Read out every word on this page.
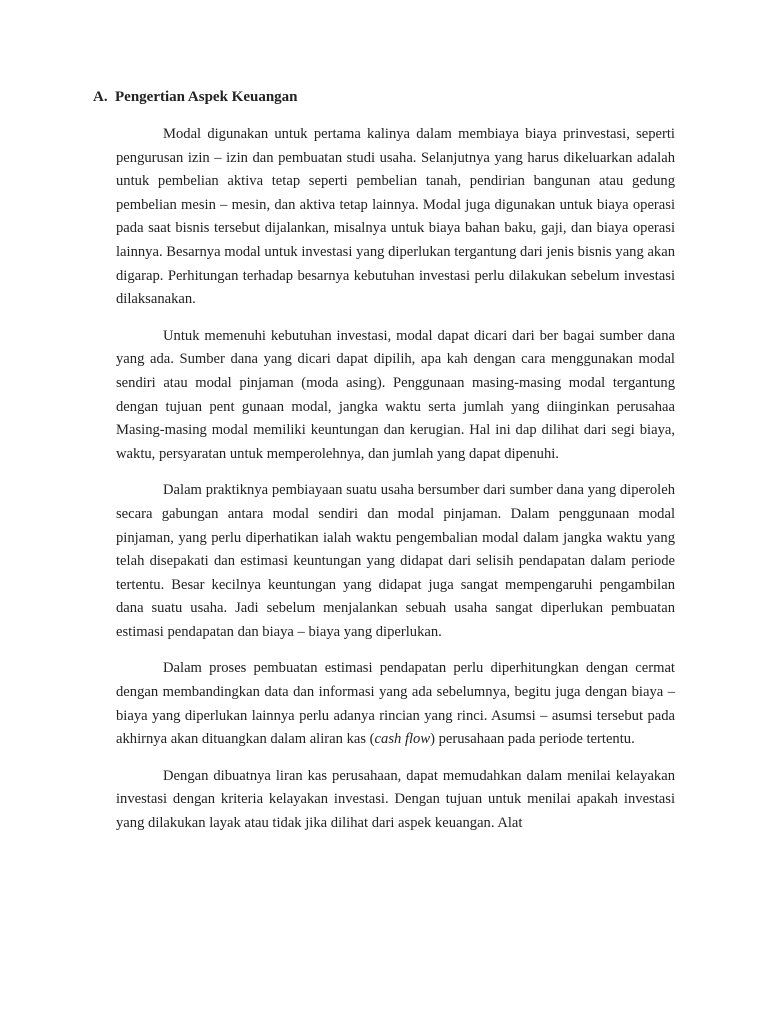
A. Pengertian Aspek Keuangan

Modal digunakan untuk pertama kalinya dalam membiaya biaya prinvestasi, seperti pengurusan izin – izin dan pembuatan studi usaha. Selanjutnya yang harus dikeluarkan adalah untuk pembelian aktiva tetap seperti pembelian tanah, pendirian bangunan atau gedung pembelian mesin – mesin, dan aktiva tetap lainnya. Modal juga digunakan untuk biaya operasi pada saat bisnis tersebut dijalankan, misalnya untuk biaya bahan baku, gaji, dan biaya operasi lainnya. Besarnya modal untuk investasi yang diperlukan tergantung dari jenis bisnis yang akan digarap. Perhitungan terhadap besarnya kebutuhan investasi perlu dilakukan sebelum investasi dilaksanakan.

Untuk memenuhi kebutuhan investasi, modal dapat dicari dari ber bagai sumber dana yang ada. Sumber dana yang dicari dapat dipilih, apa kah dengan cara menggunakan modal sendiri atau modal pinjaman (moda asing). Penggunaan masing-masing modal tergantung dengan tujuan pent gunaan modal, jangka waktu serta jumlah yang diinginkan perusahaa Masing-masing modal memiliki keuntungan dan kerugian. Hal ini dap dilihat dari segi biaya, waktu, persyaratan untuk memperolehnya, dan jumlah yang dapat dipenuhi.

Dalam praktiknya pembiayaan suatu usaha bersumber dari sumber dana yang diperoleh secara gabungan antara modal sendiri dan modal pinjaman. Dalam penggunaan modal pinjaman, yang perlu diperhatikan ialah waktu pengembalian modal dalam jangka waktu yang telah disepakati dan estimasi keuntungan yang didapat dari selisih pendapatan dalam periode tertentu. Besar kecilnya keuntungan yang didapat juga sangat mempengaruhi pengambilan dana suatu usaha. Jadi sebelum menjalankan sebuah usaha sangat diperlukan pembuatan estimasi pendapatan dan biaya – biaya yang diperlukan.

Dalam proses pembuatan estimasi pendapatan perlu diperhitungkan dengan cermat dengan membandingkan data dan informasi yang ada sebelumnya, begitu juga dengan biaya – biaya yang diperlukan lainnya perlu adanya rincian yang rinci. Asumsi – asumsi tersebut pada akhirnya akan dituangkan dalam aliran kas (cash flow) perusahaan pada periode tertentu.

Dengan dibuatnya liran kas perusahaan, dapat memudahkan dalam menilai kelayakan investasi dengan kriteria kelayakan investasi. Dengan tujuan untuk menilai apakah investasi yang dilakukan layak atau tidak jika dilihat dari aspek keuangan. Alat
